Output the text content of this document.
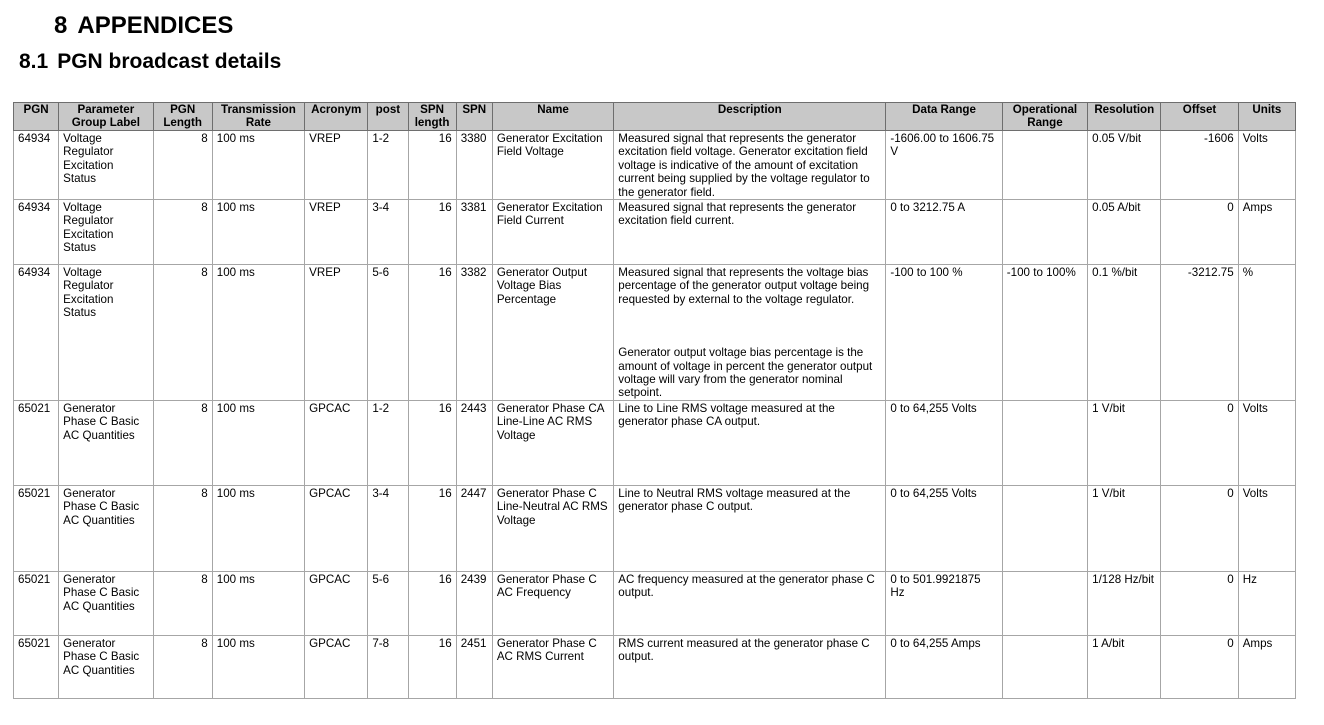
8 APPENDICES
8.1 PGN broadcast details
PGN	Parameter Group Label	PGN Length	Transmission Rate	Acronym	post	SPN length	SPN	Name	Description	Data Range	Operational Range	Resolution	Offset	Units
64934	Voltage Regulator Excitation Status	8	100 ms	VREP	1-2	16	3380	Generator Excitation Field Voltage	Measured signal that represents the generator excitation field voltage. Generator excitation field voltage is indicative of the amount of excitation current being supplied by the voltage regulator to the generator field.	-1606.00 to 1606.75 V		0.05 V/bit	-1606	Volts
64934	Voltage Regulator Excitation Status	8	100 ms	VREP	3-4	16	3381	Generator Excitation Field Current	Measured signal that represents the generator excitation field current.	0 to 3212.75 A		0.05 A/bit	0	Amps
64934	Voltage Regulator Excitation Status	8	100 ms	VREP	5-6	16	3382	Generator Output Voltage Bias Percentage	Measured signal that represents the voltage bias percentage of the generator output voltage being requested by external to the voltage regulator.
Generator output voltage bias percentage is the amount of voltage in percent the generator output voltage will vary from the generator nominal setpoint.	-100 to 100 %	-100 to 100%	0.1 %/bit	-3212.75	%
65021	Generator Phase C Basic AC Quantities	8	100 ms	GPCAC	1-2	16	2443	Generator Phase CA Line-Line AC RMS Voltage	Line to Line RMS voltage measured at the generator phase CA output.	0 to 64,255 Volts		1 V/bit	0	Volts
65021	Generator Phase C Basic AC Quantities	8	100 ms	GPCAC	3-4	16	2447	Generator Phase C Line-Neutral AC RMS Voltage	Line to Neutral RMS voltage measured at the generator phase C output.	0 to 64,255 Volts		1 V/bit	0	Volts
65021	Generator Phase C Basic AC Quantities	8	100 ms	GPCAC	5-6	16	2439	Generator Phase C AC Frequency	AC frequency measured at the generator phase C output.	0 to 501.9921875 Hz		1/128 Hz/bit	0	Hz
65021	Generator Phase C Basic AC Quantities	8	100 ms	GPCAC	7-8	16	2451	Generator Phase C AC RMS Current	RMS current measured at the generator phase C output.	0 to 64,255 Amps		1 A/bit	0	Amps
